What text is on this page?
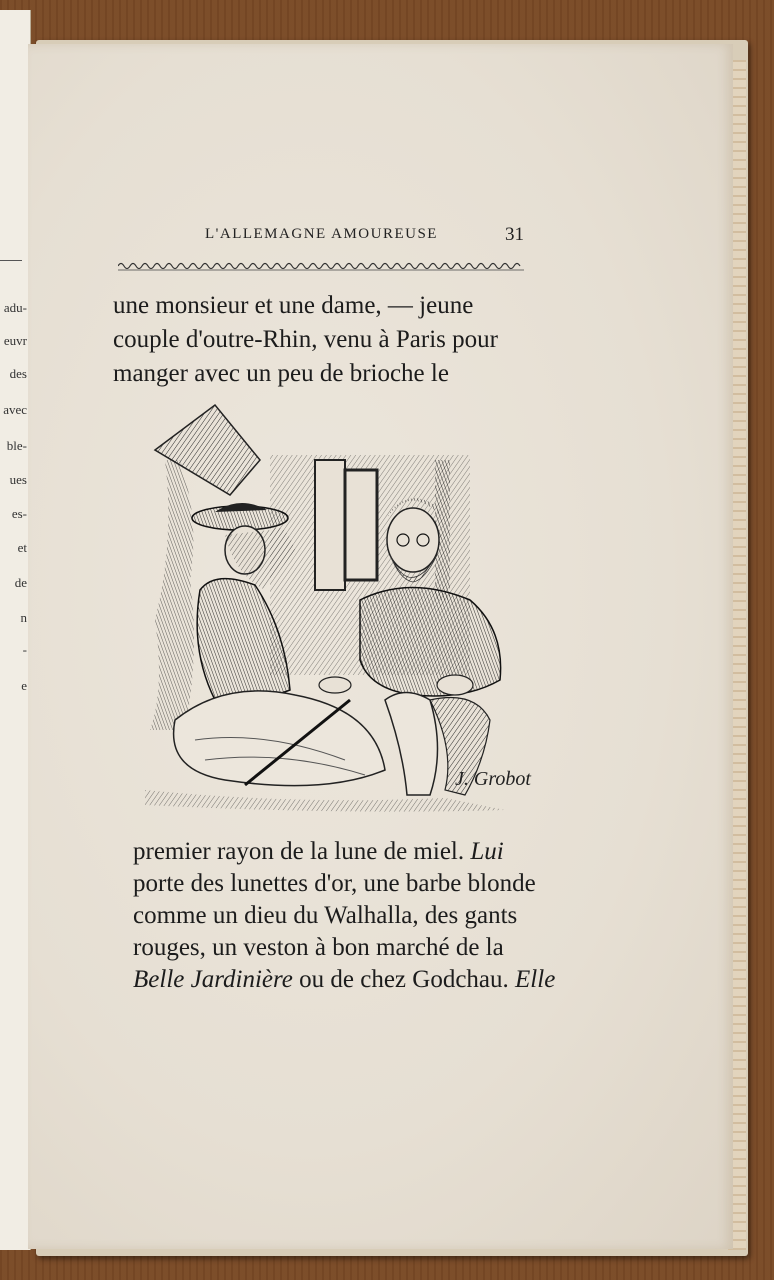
adu-
euvr
des
avec
ble-
ues
es-
et
de
n
-
e
L'ALLEMAGNE AMOUREUSE	31
une monsieur et une dame, — jeune
couple d'outre-Rhin, venu à Paris pour
manger avec un peu de brioche le
J. Grobot
premier rayon de la lune de miel. Lui
porte des lunettes d'or, une barbe blonde
comme un dieu du Walhalla, des gants
rouges, un veston à bon marché de la
Belle Jardinière ou de chez Godchau. Elle
